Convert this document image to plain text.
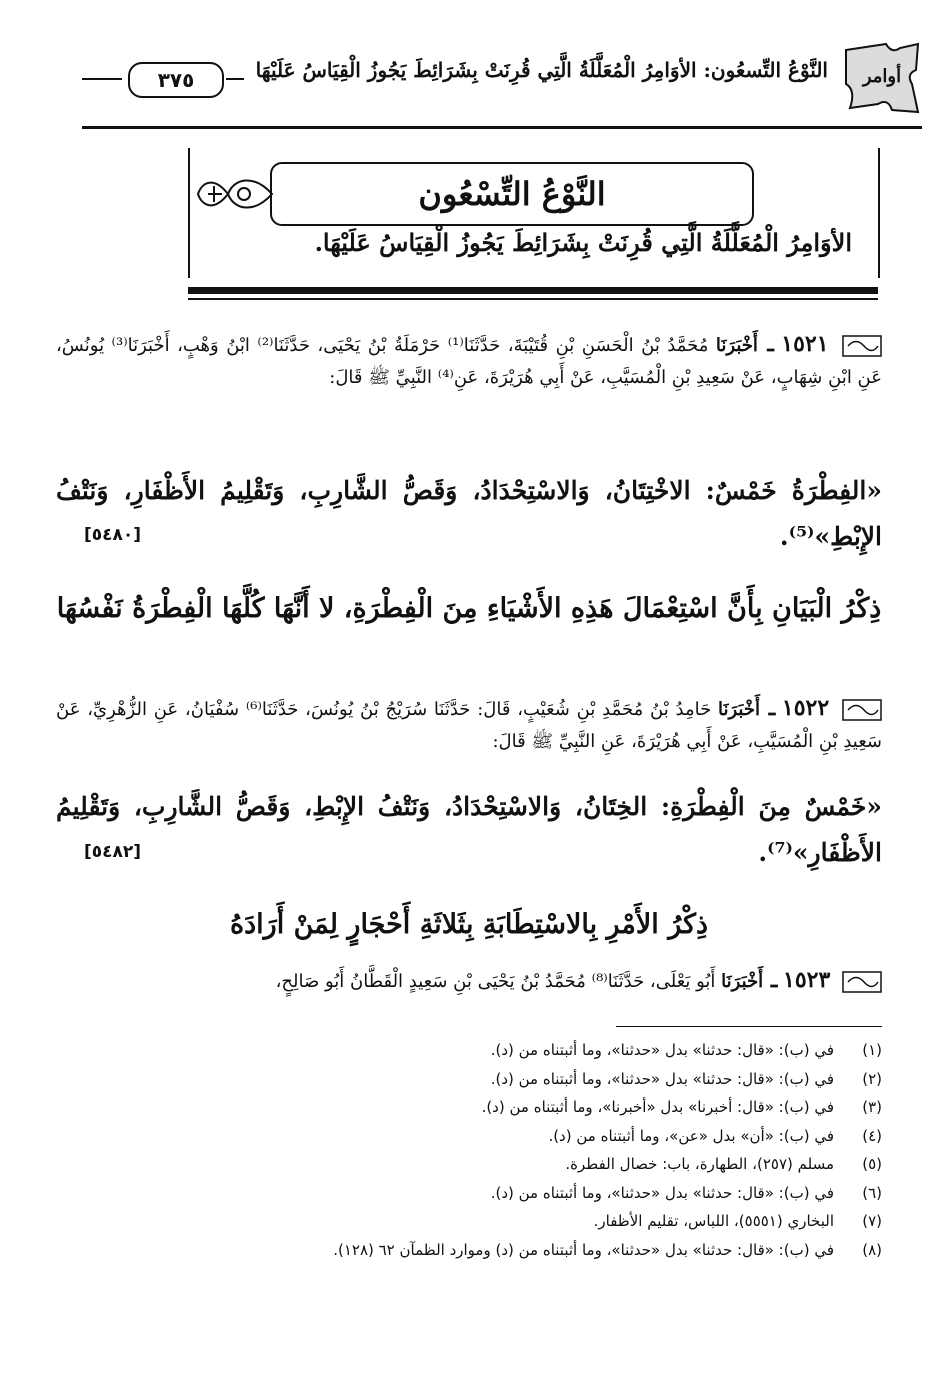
أوامر
النَّوْعُ التِّسعُون: الأوَامِرُ الْمُعَلَّلَةُ الَّتِي قُرِنَتْ بِشَرَائِطَ يَجُوزُ الْقِيَاسُ عَلَيْهَا
٣٧٥
النَّوْعُ التِّسْعُون
الأوَامِرُ الْمُعَلَّلَةُ الَّتِي قُرِنَتْ بِشَرَائِطَ يَجُوزُ الْقِيَاسُ عَلَيْهَا.
١٥٢١ ـ أَخْبَرَنَا مُحَمَّدُ بْنُ الْحَسَنِ بْنِ قُتَيْبَةَ، حَدَّثَنَا⁽¹⁾ حَرْمَلَةُ بْنُ يَحْيَى، حَدَّثَنَا⁽²⁾ ابْنُ وَهْبٍ، أَخْبَرَنَا⁽³⁾ يُونُسُ، عَنِ ابْنِ شِهَابٍ، عَنْ سَعِيدِ بْنِ الْمُسَيَّبِ، عَنْ أَبِي هُرَيْرَةَ، عَنِ⁽⁴⁾ النَّبِيِّ ﷺ قَالَ:
«الفِطْرَةُ خَمْسٌ: الاخْتِتَانُ، وَالاسْتِحْدَادُ، وَقَصُّ الشَّارِبِ، وَتَقْلِيمُ الأَظْفَارِ، وَنَتْفُ الإِبْطِ»⁽⁵⁾.
[٥٤٨٠]
ذِكْرُ الْبَيَانِ بِأَنَّ اسْتِعْمَالَ هَذِهِ الأَشْيَاءِ مِنَ الْفِطْرَةِ، لا أَنَّهَا كُلَّهَا الْفِطْرَةُ نَفْسُهَا
١٥٢٢ ـ أَخْبَرَنَا حَامِدُ بْنُ مُحَمَّدِ بْنِ شُعَيْبٍ، قَالَ: حَدَّثَنَا سُرَيْجُ بْنُ يُونُسَ، حَدَّثَنَا⁽⁶⁾ سُفْيَانُ، عَنِ الزُّهْرِيِّ، عَنْ سَعِيدِ بْنِ الْمُسَيَّبِ، عَنْ أَبِي هُرَيْرَةَ، عَنِ النَّبِيِّ ﷺ قَالَ:
«خَمْسٌ مِنَ الْفِطْرَةِ: الخِتَانُ، وَالاسْتِحْدَادُ، وَنَتْفُ الإِبْطِ، وَقَصُّ الشَّارِبِ، وَتَقْلِيمُ الأَظْفَارِ»⁽⁷⁾.
[٥٤٨٢]
ذِكْرُ الأَمْرِ بِالاسْتِطَابَةِ بِثَلاثَةِ أَحْجَارٍ لِمَنْ أَرَادَهُ
١٥٢٣ ـ أَخْبَرَنَا أَبُو يَعْلَى، حَدَّثَنَا⁽⁸⁾ مُحَمَّدُ بْنُ يَحْيَى بْنِ سَعِيدٍ الْقَطَّانُ أَبُو صَالِحٍ،
(١)في (ب): «قال: حدثنا» بدل «حدثنا»، وما أثبتناه من (د).
(٢)في (ب): «قال: حدثنا» بدل «حدثنا»، وما أثبتناه من (د).
(٣)في (ب): «قال: أخبرنا» بدل «أخبرنا»، وما أثبتناه من (د).
(٤)في (ب): «أن» بدل «عن»، وما أثبتناه من (د).
(٥)مسلم (٢٥٧)، الطهارة، باب: خصال الفطرة.
(٦)في (ب): «قال: حدثنا» بدل «حدثنا»، وما أثبتناه من (د).
(٧)البخاري (٥٥٥١)، اللباس، تقليم الأظفار.
(٨)في (ب): «قال: حدثنا» بدل «حدثنا»، وما أثبتناه من (د) وموارد الظمآن ٦٢ (١٢٨).
